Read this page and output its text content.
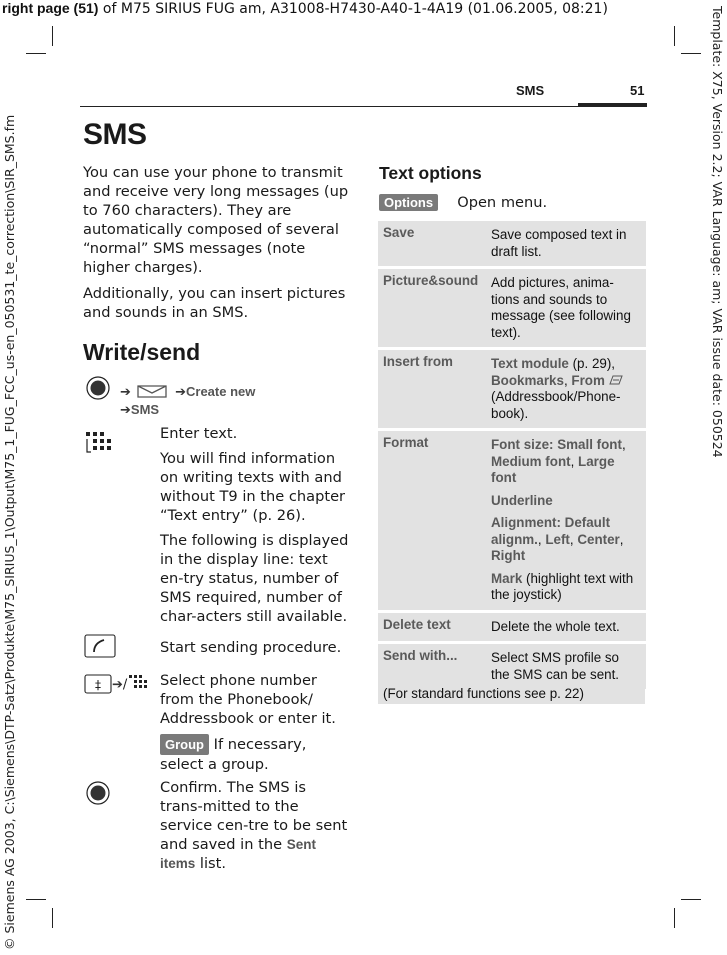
right page (51) of M75 SIRIUS FUG am, A31008-H7430-A40-1-4A19 (01.06.2005, 08:21)
© Siemens AG 2003, C:\Siemens\DTP-Satz\Produkte\M75_SIRIUS_1\Output\M75_1_FUG_FCC_us-en_050531_te_correction\SIR_SMS.fm	Template: X75, Version 2.2; VAR Language: am; VAR issue date: 050524
SMS	51
SMS

You can use your phone to transmit and receive very long messages (up to 760 characters). They are automatically composed of several “normal” SMS messages (note higher charges).

Additionally, you can insert pictures and sounds in an SMS.

Write/send
➔	➔Create new
➔SMS

Enter text.

You will find information on writing texts with and without T9 in the chapter “Text entry” (p. 26).

The following is displayed in the display line: text en-try status, number of SMS required, number of char-acters still available.

Start sending procedure.
‡ ➔/	Select phone number from the Phonebook/ Addressbook or enter it.

Group If necessary, select a group.

Confirm. The SMS is trans-mitted to the service cen-tre to be sent and saved in the Sent items list.
Text options
Options Open menu.
Save	Save composed text in draft list.
Picture&sound	Add pictures, anima-tions and sounds to message (see following text).
Insert from	Text module (p. 29), Bookmarks, From  (Addressbook/Phone-book).
Format	Font size: Small font, Medium font, Large font
Underline
Alignment: Default alignm., Left, Center, Right
Mark (highlight text with the joystick)

Delete text	Delete the whole text.
Send with...	Select SMS profile so the SMS can be sent.
(For standard functions see p. 22)
